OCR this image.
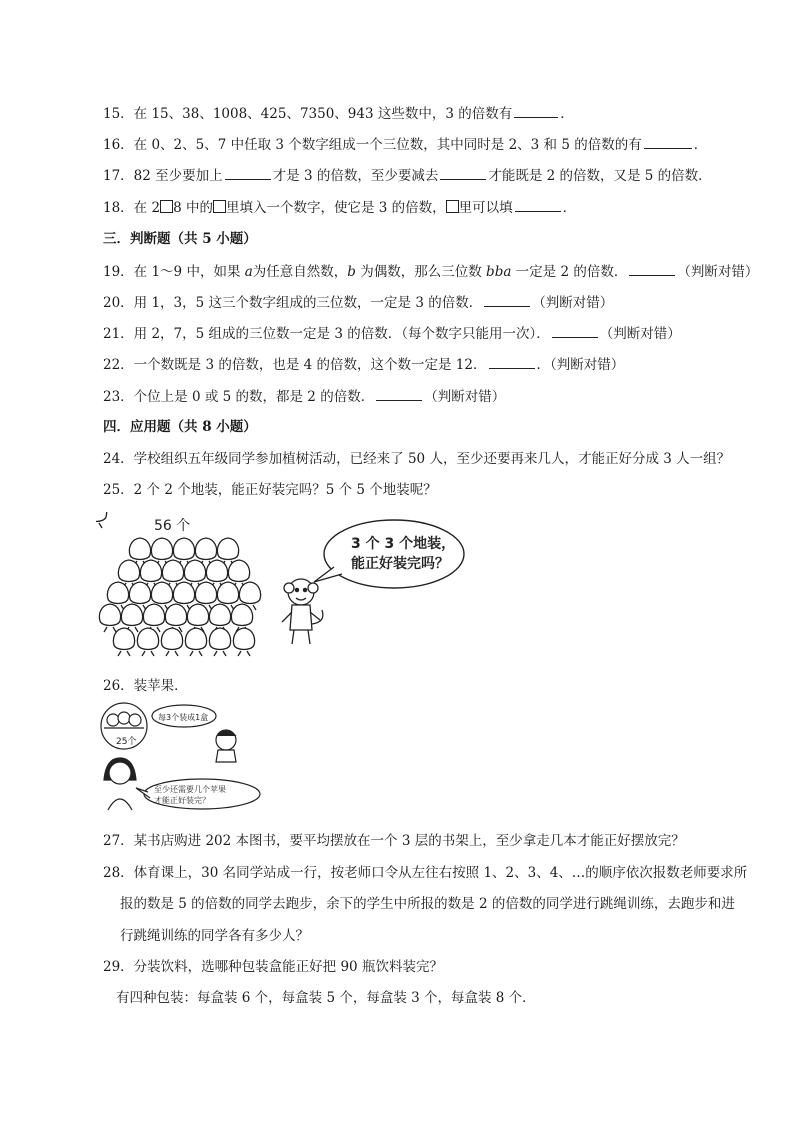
15．在 15、38、1008、425、7350、943 这些数中，3 的倍数有	．
16．在 0、2、5、7 中任取 3 个数字组成一个三位数，其中同时是 2、3 和 5 的倍数的有	．
17．82 至少要加上	才是 3 的倍数，至少要减去	才能既是 2 的倍数，又是 5 的倍数．
18．在 2 8 中的 里填入一个数字，使它是 3 的倍数， 里可以填	．
三．判断题（共 5 小题）
19．在 1～9 中，如果 a为任意自然数，b 为偶数，那么三位数 bba 一定是 2 的倍数．	（判断对错）
20．用 1，3，5 这三个数字组成的三位数，一定是 3 的倍数．	（判断对错）
21．用 2，7，5 组成的三位数一定是 3 的倍数．（每个数字只能用一次）．	（判断对错）
22．一个数既是 3 的倍数，也是 4 的倍数，这个数一定是 12．	．（判断对错）
23．个位上是 0 或 5 的数，都是 2 的倍数．	（判断对错）
四．应用题（共 8 小题）
24．学校组织五年级同学参加植树活动，已经来了 50 人，至少还要再来几人，才能正好分成 3 人一组？
25．2 个 2 个地装，能正好装完吗？5 个 5 个地装呢？
56 个
3 个 3 个地装，
能正好装完吗？
26．装苹果．
25个
每3个装成1盒
至少还需要几个苹果
才能正好装完？
27．某书店购进 202 本图书，要平均摆放在一个 3 层的书架上，至少拿走几本才能正好摆放完？
28．体育课上，30 名同学站成一行，按老师口令从左往右按照 1、2、3、4、…的顺序依次报数老师要求所
报的数是 5 的倍数的同学去跑步，余下的学生中所报的数是 2 的倍数的同学进行跳绳训练，去跑步和进
行跳绳训练的同学各有多少人？
29．分装饮料，选哪种包装盒能正好把 90 瓶饮料装完？
有四种包装：每盒装 6 个，每盒装 5 个，每盒装 3 个，每盒装 8 个．
